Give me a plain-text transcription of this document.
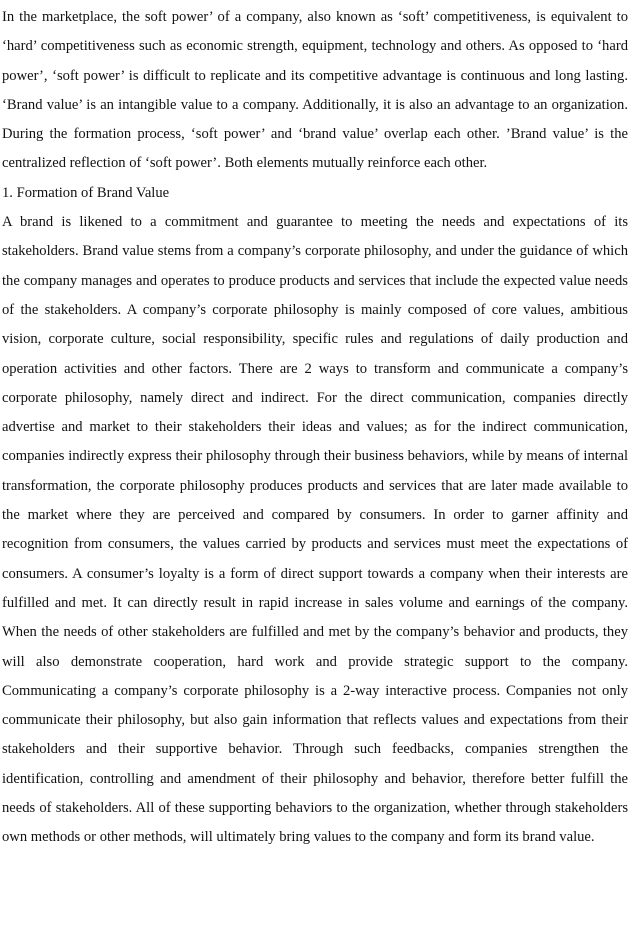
In the marketplace, the soft power’ of a company, also known as ‘soft’ competitiveness, is equivalent to ‘hard’ competitiveness such as economic strength, equipment, technology and others. As opposed to ‘hard power’, ‘soft power’ is difficult to replicate and its competitive advantage is continuous and long lasting. ‘Brand value’ is an intangible value to a company. Additionally, it is also an advantage to an organization. During the formation process, ‘soft power’ and ‘brand value’ overlap each other. ’Brand value’ is the centralized reflection of ‘soft power’. Both elements mutually reinforce each other.

1. Formation of Brand Value

A brand is likened to a commitment and guarantee to meeting the needs and expectations of its stakeholders. Brand value stems from a company’s corporate philosophy, and under the guidance of which the company manages and operates to produce products and services that include the expected value needs of the stakeholders. A company’s corporate philosophy is mainly composed of core values, ambitious vision, corporate culture, social responsibility, specific rules and regulations of daily production and operation activities and other factors. There are 2 ways to transform and communicate a company’s corporate philosophy, namely direct and indirect. For the direct communication, companies directly advertise and market to their stakeholders their ideas and values; as for the indirect communication, companies indirectly express their philosophy through their business behaviors, while by means of internal transformation, the corporate philosophy produces products and services that are later made available to the market where they are perceived and compared by consumers. In order to garner affinity and recognition from consumers, the values carried by products and services must meet the expectations of consumers. A consumer’s loyalty is a form of direct support towards a company when their interests are fulfilled and met. It can directly result in rapid increase in sales volume and earnings of the company. When the needs of other stakeholders are fulfilled and met by the company’s behavior and products, they will also demonstrate cooperation, hard work and provide strategic support to the company. Communicating a company’s corporate philosophy is a 2-way interactive process. Companies not only communicate their philosophy, but also gain information that reflects values and expectations from their stakeholders and their supportive behavior. Through such feedbacks, companies strengthen the identification, controlling and amendment of their philosophy and behavior, therefore better fulfill the needs of stakeholders. All of these supporting behaviors to the organization, whether through stakeholders own methods or other methods, will ultimately bring values to the company and form its brand value.
